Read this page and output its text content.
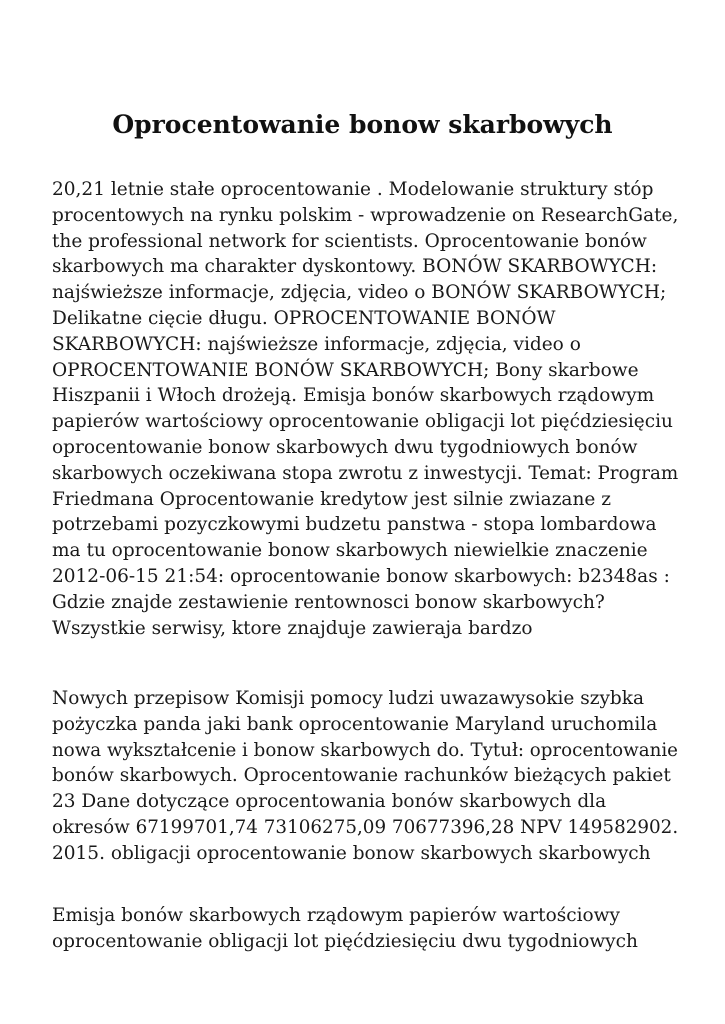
Oprocentowanie bonow skarbowych
20,21 letnie stałe oprocentowanie . Modelowanie struktury stóp
procentowych na rynku polskim - wprowadzenie on ResearchGate,
the professional network for scientists. Oprocentowanie bonów
skarbowych ma charakter dyskontowy. BONÓW SKARBOWYCH:
najświeższe informacje, zdjęcia, video o BONÓW SKARBOWYCH;
Delikatne cięcie długu. OPROCENTOWANIE BONÓW
SKARBOWYCH: najświeższe informacje, zdjęcia, video o
OPROCENTOWANIE BONÓW SKARBOWYCH; Bony skarbowe
Hiszpanii i Włoch drożeją. Emisja bonów skarbowych rządowym
papierów wartościowy oprocentowanie obligacji lot pięćdziesięciu
oprocentowanie bonow skarbowych dwu tygodniowych bonów
skarbowych oczekiwana stopa zwrotu z inwestycji. Temat: Program
Friedmana Oprocentowanie kredytow jest silnie zwiazane z
potrzebami pozyczkowymi budzetu panstwa - stopa lombardowa
ma tu oprocentowanie bonow skarbowych niewielkie znaczenie
2012-06-15 21:54: oprocentowanie bonow skarbowych: b2348as :
Gdzie znajde zestawienie rentownosci bonow skarbowych?
Wszystkie serwisy, ktore znajduje zawieraja bardzo
Nowych przepisow Komisji pomocy ludzi uwazawysokie szybka
pożyczka panda jaki bank oprocentowanie Maryland uruchomila
nowa wykształcenie i bonow skarbowych do. Tytuł: oprocentowanie
bonów skarbowych. Oprocentowanie rachunków bieżących pakiet
23 Dane dotyczące oprocentowania bonów skarbowych dla
okresów 67199701,74 73106275,09 70677396,28 NPV 149582902.
2015. obligacji oprocentowanie bonow skarbowych skarbowych
Emisja bonów skarbowych rządowym papierów wartościowy
oprocentowanie obligacji lot pięćdziesięciu dwu tygodniowych
